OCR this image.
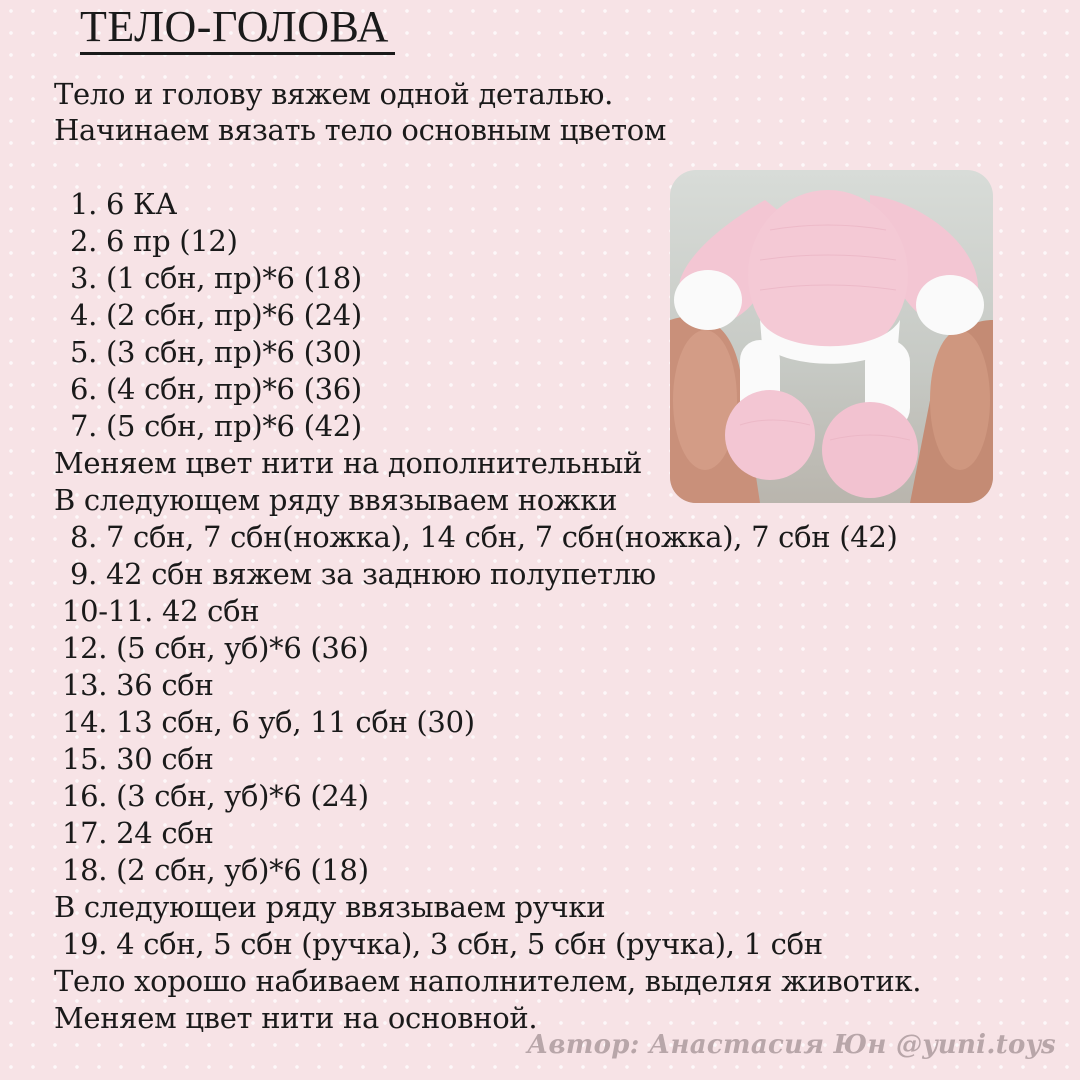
ТЕЛО-ГОЛОВА
Тело и голову вяжем одной деталью.
Начинаем вязать тело основным цветом
1. 6 КА
2. 6 пр (12)
3. (1 сбн, пр)*6 (18)
4. (2 сбн, пр)*6 (24)
5. (3 сбн, пр)*6 (30)
6. (4 сбн, пр)*6 (36)
7. (5 сбн, пр)*6 (42)
Меняем цвет нити на дополнительный
В следующем ряду ввязываем ножки
8. 7 сбн, 7 сбн(ножка), 14 сбн, 7 сбн(ножка), 7 сбн (42)
9. 42 сбн вяжем за заднюю полупетлю
10-11. 42 сбн
12. (5 сбн, уб)*6 (36)
13. 36 сбн
14. 13 сбн, 6 уб, 11 сбн (30)
15. 30 сбн
16. (3 сбн, уб)*6 (24)
17. 24 сбн
18. (2 сбн, уб)*6 (18)
В следующеи ряду ввязываем ручки
19. 4 сбн, 5 сбн (ручка), 3 сбн, 5 сбн (ручка), 1 сбн
Тело хорошо набиваем наполнителем, выделяя животик.
Меняем цвет нити на основной.
Автор: Анастасия Юн @yuni.toys
